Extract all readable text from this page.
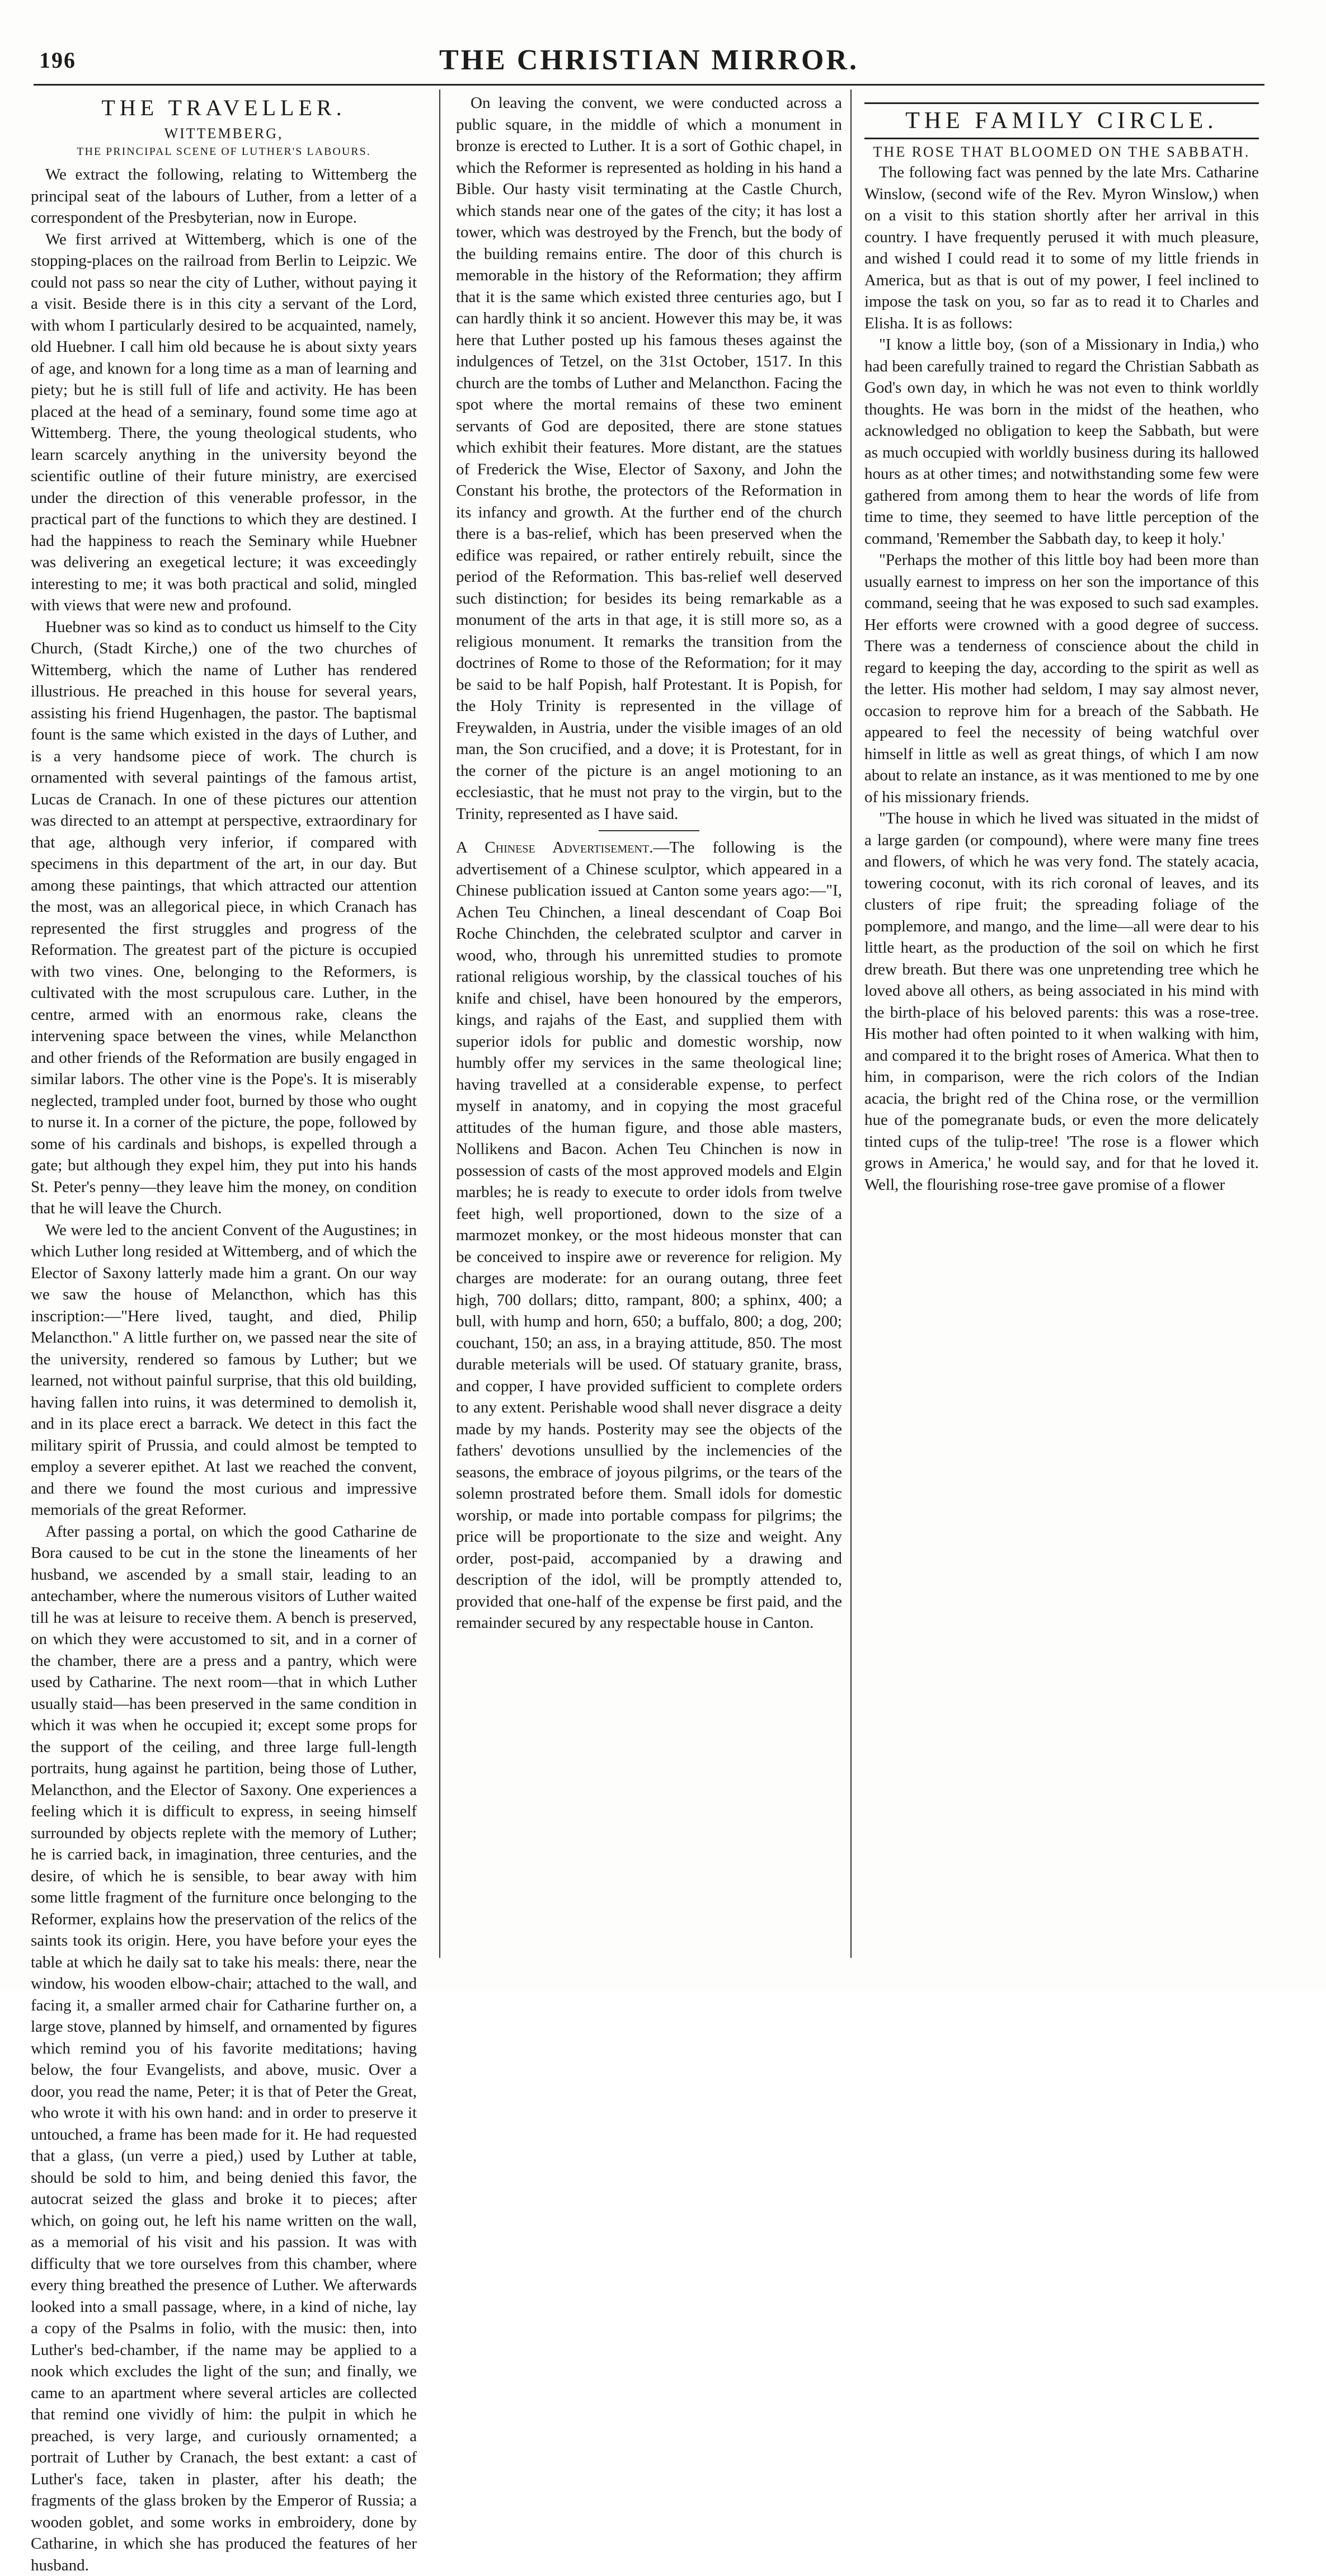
196	THE CHRISTIAN MIRROR.
THE TRAVELLER.
WITTEMBERG,
THE PRINCIPAL SCENE OF LUTHER'S LABOURS.

We extract the following, relating to Wittemberg the principal seat of the labours of Luther, from a letter of a correspondent of the Presbyterian, now in Europe.

We first arrived at Wittemberg, which is one of the stopping-places on the railroad from Berlin to Leipzic. We could not pass so near the city of Luther, without paying it a visit. Beside there is in this city a servant of the Lord, with whom I particularly desired to be acquainted, namely, old Huebner. I call him old because he is about sixty years of age, and known for a long time as a man of learning and piety; but he is still full of life and activity. He has been placed at the head of a seminary, found some time ago at Wittemberg. There, the young theological students, who learn scarcely anything in the university beyond the scientific outline of their future ministry, are exercised under the direction of this venerable professor, in the practical part of the functions to which they are destined. I had the happiness to reach the Seminary while Huebner was delivering an exegetical lecture; it was exceedingly interesting to me; it was both practical and solid, mingled with views that were new and profound.

Huebner was so kind as to conduct us himself to the City Church, (Stadt Kirche,) one of the two churches of Wittemberg, which the name of Luther has rendered illustrious. He preached in this house for several years, assisting his friend Hugenhagen, the pastor. The baptismal fount is the same which existed in the days of Luther, and is a very handsome piece of work. The church is ornamented with several paintings of the famous artist, Lucas de Cranach. In one of these pictures our attention was directed to an attempt at perspective, extraordinary for that age, although very inferior, if compared with specimens in this department of the art, in our day. But among these paintings, that which attracted our attention the most, was an allegorical piece, in which Cranach has represented the first struggles and progress of the Reformation. The greatest part of the picture is occupied with two vines. One, belonging to the Reformers, is cultivated with the most scrupulous care. Luther, in the centre, armed with an enormous rake, cleans the intervening space between the vines, while Melancthon and other friends of the Reformation are busily engaged in similar labors. The other vine is the Pope's. It is miserably neglected, trampled under foot, burned by those who ought to nurse it. In a corner of the picture, the pope, followed by some of his cardinals and bishops, is expelled through a gate; but although they expel him, they put into his hands St. Peter's penny—they leave him the money, on condition that he will leave the Church.

We were led to the ancient Convent of the Augustines; in which Luther long resided at Wittemberg, and of which the Elector of Saxony latterly made him a grant. On our way we saw the house of Melancthon, which has this inscription:—"Here lived, taught, and died, Philip Melancthon." A little further on, we passed near the site of the university, rendered so famous by Luther; but we learned, not without painful surprise, that this old building, having fallen into ruins, it was determined to demolish it, and in its place erect a barrack. We detect in this fact the military spirit of Prussia, and could almost be tempted to employ a severer epithet. At last we reached the convent, and there we found the most curious and impressive memorials of the great Reformer.

After passing a portal, on which the good Catharine de Bora caused to be cut in the stone the lineaments of her husband, we ascended by a small stair, leading to an antechamber, where the numerous visitors of Luther waited till he was at leisure to receive them. A bench is preserved, on which they were accustomed to sit, and in a corner of the chamber, there are a press and a pantry, which were used by Catharine. The next room—that in which Luther usually staid—has been preserved in the same condition in which it was when he occupied it; except some props for the support of the ceiling, and three large full-length portraits, hung against he partition, being those of Luther, Melancthon, and the Elector of Saxony. One experiences a feeling which it is difficult to express, in seeing himself surrounded by objects replete with the memory of Luther; he is carried back, in imagination, three centuries, and the desire, of which he is sensible, to bear away with him some little fragment of the furniture once belonging to the Reformer, explains how the preservation of the relics of the saints took its origin. Here, you have before your eyes the table at which he daily sat to take his meals: there, near the window, his wooden elbow-chair; attached to the wall, and facing it, a smaller armed chair for Catharine further on, a large stove, planned by himself, and ornamented by figures which remind you of his favorite meditations; having below, the four Evangelists, and above, music. Over a door, you read the name, Peter; it is that of Peter the Great, who wrote it with his own hand: and in order to preserve it untouched, a frame has been made for it. He had requested that a glass, (un verre a pied,) used by Luther at table, should be sold to him, and being denied this favor, the autocrat seized the glass and broke it to pieces; after which, on going out, he left his name written on the wall, as a memorial of his visit and his passion. It was with difficulty that we tore ourselves from this chamber, where every thing breathed the presence of Luther. We afterwards looked into a small passage, where, in a kind of niche, lay a copy of the Psalms in folio, with the music: then, into Luther's bed-chamber, if the name may be applied to a nook which excludes the light of the sun; and finally, we came to an apartment where several articles are collected that remind one vividly of him: the pulpit in which he preached, is very large, and curiously ornamented; a portrait of Luther by Cranach, the best extant: a cast of Luther's face, taken in plaster, after his death; the fragments of the glass broken by the Emperor of Russia; a wooden goblet, and some works in embroidery, done by Catharine, in which she has produced the features of her husband.

On leaving the convent, we were conducted across a public square, in the middle of which a monument in bronze is erected to Luther. It is a sort of Gothic chapel, in which the Reformer is represented as holding in his hand a Bible. Our hasty visit terminating at the Castle Church, which stands near one of the gates of the city; it has lost a tower, which was destroyed by the French, but the body of the building remains entire. The door of this church is memorable in the history of the Reformation; they affirm that it is the same which existed three centuries ago, but I can hardly think it so ancient. However this may be, it was here that Luther posted up his famous theses against the indulgences of Tetzel, on the 31st October, 1517. In this church are the tombs of Luther and Melancthon. Facing the spot where the mortal remains of these two eminent servants of God are deposited, there are stone statues which exhibit their features. More distant, are the statues of Frederick the Wise, Elector of Saxony, and John the Constant his brothe, the protectors of the Reformation in its infancy and growth. At the further end of the church there is a bas-relief, which has been preserved when the edifice was repaired, or rather entirely rebuilt, since the period of the Reformation. This bas-relief well deserved such distinction; for besides its being remarkable as a monument of the arts in that age, it is still more so, as a religious monument. It remarks the transition from the doctrines of Rome to those of the Reformation; for it may be said to be half Popish, half Protestant. It is Popish, for the Holy Trinity is represented in the village of Freywalden, in Austria, under the visible images of an old man, the Son crucified, and a dove; it is Protestant, for in the corner of the picture is an angel motioning to an ecclesiastic, that he must not pray to the virgin, but to the Trinity, represented as I have said.

A Chinese Advertisement.—The following is the advertisement of a Chinese sculptor, which appeared in a Chinese publication issued at Canton some years ago:—"I, Achen Teu Chinchen, a lineal descendant of Coap Boi Roche Chinchden, the celebrated sculptor and carver in wood, who, through his unremitted studies to promote rational religious worship, by the classical touches of his knife and chisel, have been honoured by the emperors, kings, and rajahs of the East, and supplied them with superior idols for public and domestic worship, now humbly offer my services in the same theological line; having travelled at a considerable expense, to perfect myself in anatomy, and in copying the most graceful attitudes of the human figure, and those able masters, Nollikens and Bacon. Achen Teu Chinchen is now in possession of casts of the most approved models and Elgin marbles; he is ready to execute to order idols from twelve feet high, well proportioned, down to the size of a marmozet monkey, or the most hideous monster that can be conceived to inspire awe or reverence for religion. My charges are moderate: for an ourang outang, three feet high, 700 dollars; ditto, rampant, 800; a sphinx, 400; a bull, with hump and horn, 650; a buffalo, 800; a dog, 200; couchant, 150; an ass, in a braying attitude, 850. The most durable meterials will be used. Of statuary granite, brass, and copper, I have provided sufficient to complete orders to any extent. Perishable wood shall never disgrace a deity made by my hands. Posterity may see the objects of the fathers' devotions unsullied by the inclemencies of the seasons, the embrace of joyous pilgrims, or the tears of the solemn prostrated before them. Small idols for domestic worship, or made into portable compass for pilgrims; the price will be proportionate to the size and weight. Any order, post-paid, accompanied by a drawing and description of the idol, will be promptly attended to, provided that one-half of the expense be first paid, and the remainder secured by any respectable house in Canton.

THE FAMILY CIRCLE.
THE ROSE THAT BLOOMED ON THE SABBATH.

The following fact was penned by the late Mrs. Catharine Winslow, (second wife of the Rev. Myron Winslow,) when on a visit to this station shortly after her arrival in this country. I have frequently perused it with much pleasure, and wished I could read it to some of my little friends in America, but as that is out of my power, I feel inclined to impose the task on you, so far as to read it to Charles and Elisha. It is as follows:

"I know a little boy, (son of a Missionary in India,) who had been carefully trained to regard the Christian Sabbath as God's own day, in which he was not even to think worldly thoughts. He was born in the midst of the heathen, who acknowledged no obligation to keep the Sabbath, but were as much occupied with worldly business during its hallowed hours as at other times; and notwithstanding some few were gathered from among them to hear the words of life from time to time, they seemed to have little perception of the command, 'Remember the Sabbath day, to keep it holy.'

"Perhaps the mother of this little boy had been more than usually earnest to impress on her son the importance of this command, seeing that he was exposed to such sad examples. Her efforts were crowned with a good degree of success. There was a tenderness of conscience about the child in regard to keeping the day, according to the spirit as well as the letter. His mother had seldom, I may say almost never, occasion to reprove him for a breach of the Sabbath. He appeared to feel the necessity of being watchful over himself in little as well as great things, of which I am now about to relate an instance, as it was mentioned to me by one of his missionary friends.

"The house in which he lived was situated in the midst of a large garden (or compound), where were many fine trees and flowers, of which he was very fond. The stately acacia, towering coconut, with its rich coronal of leaves, and its clusters of ripe fruit; the spreading foliage of the pomplemore, and mango, and the lime—all were dear to his little heart, as the production of the soil on which he first drew breath. But there was one unpretending tree which he loved above all others, as being associated in his mind with the birth-place of his beloved parents: this was a rose-tree. His mother had often pointed to it when walking with him, and compared it to the bright roses of America. What then to him, in comparison, were the rich colors of the Indian acacia, the bright red of the China rose, or the vermillion hue of the pomegranate buds, or even the more delicately tinted cups of the tulip-tree! 'The rose is a flower which grows in America,' he would say, and for that he loved it. Well, the flourishing rose-tree gave promise of a flower
